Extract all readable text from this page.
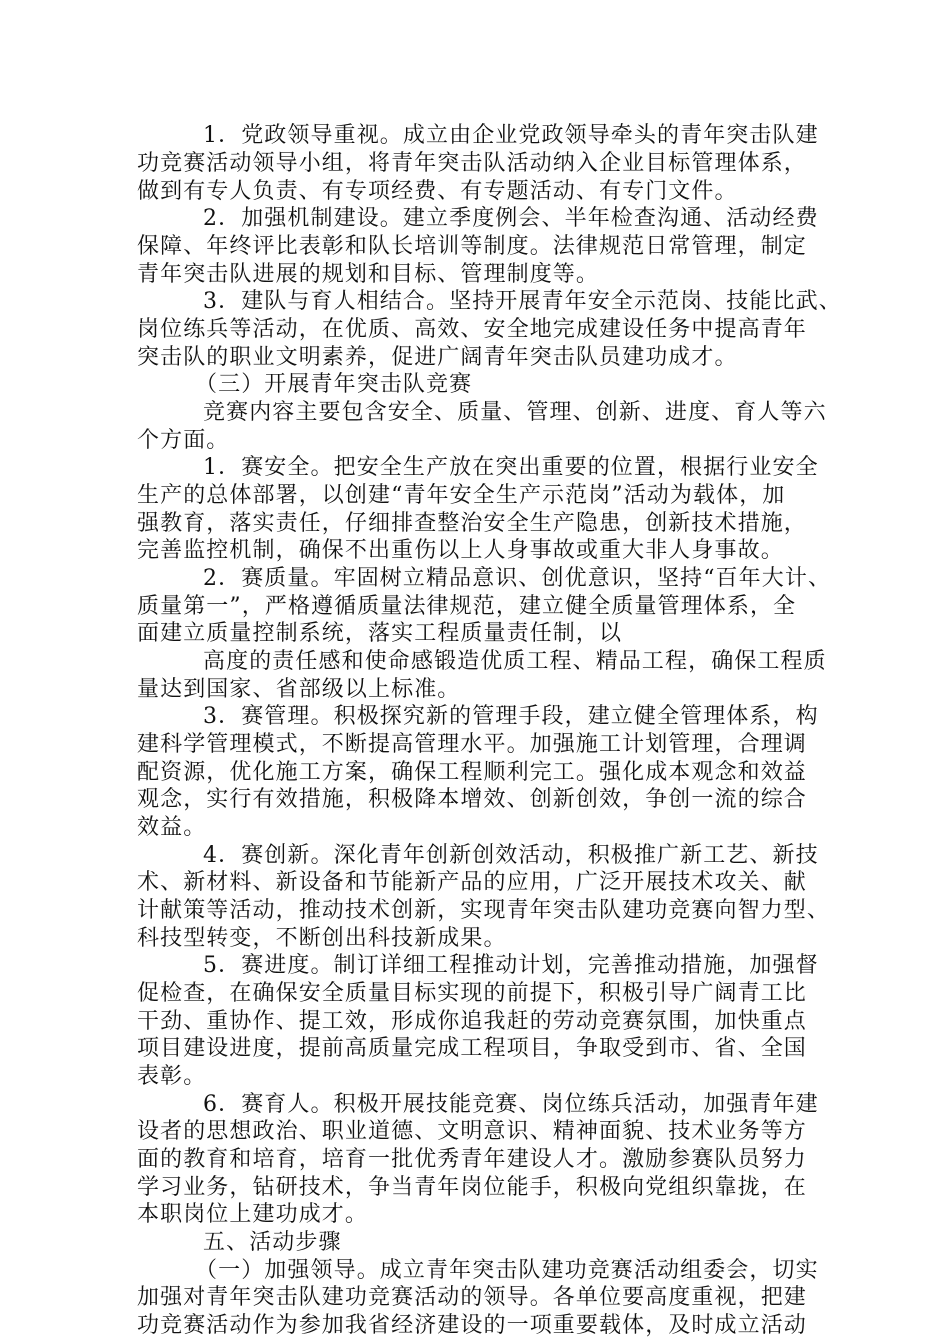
1．党政领导重视。成立由企业党政领导牵头的青年突击队建
功竞赛活动领导小组，将青年突击队活动纳入企业目标管理体系，
做到有专人负责、有专项经费、有专题活动、有专门文件。
2．加强机制建设。建立季度例会、半年检查沟通、活动经费
保障、年终评比表彰和队长培训等制度。法律规范日常管理，制定
青年突击队进展的规划和目标、管理制度等。
3．建队与育人相结合。坚持开展青年安全示范岗、技能比武、
岗位练兵等活动，在优质、高效、安全地完成建设任务中提高青年
突击队的职业文明素养，促进广阔青年突击队员建功成才。
（三）开展青年突击队竞赛
竞赛内容主要包含安全、质量、管理、创新、进度、育人等六
个方面。
1．赛安全。把安全生产放在突出重要的位置，根据行业安全
生产的总体部署，以创建“青年安全生产示范岗”活动为载体，加
强教育，落实责任，仔细排查整治安全生产隐患，创新技术措施，
完善监控机制，确保不出重伤以上人身事故或重大非人身事故。
2．赛质量。牢固树立精品意识、创优意识，坚持“百年大计、
质量第一”，严格遵循质量法律规范，建立健全质量管理体系，全
面建立质量控制系统，落实工程质量责任制，以
高度的责任感和使命感锻造优质工程、精品工程，确保工程质
量达到国家、省部级以上标准。
3．赛管理。积极探究新的管理手段，建立健全管理体系，构
建科学管理模式，不断提高管理水平。加强施工计划管理，合理调
配资源，优化施工方案，确保工程顺利完工。强化成本观念和效益
观念，实行有效措施，积极降本增效、创新创效，争创一流的综合
效益。
4．赛创新。深化青年创新创效活动，积极推广新工艺、新技
术、新材料、新设备和节能新产品的应用，广泛开展技术攻关、献
计献策等活动，推动技术创新，实现青年突击队建功竞赛向智力型、
科技型转变，不断创出科技新成果。
5．赛进度。制订详细工程推动计划，完善推动措施，加强督
促检查，在确保安全质量目标实现的前提下，积极引导广阔青工比
干劲、重协作、提工效，形成你追我赶的劳动竞赛氛围，加快重点
项目建设进度，提前高质量完成工程项目，争取受到市、省、全国
表彰。
6．赛育人。积极开展技能竞赛、岗位练兵活动，加强青年建
设者的思想政治、职业道德、文明意识、精神面貌、技术业务等方
面的教育和培育，培育一批优秀青年建设人才。激励参赛队员努力
学习业务，钻研技术，争当青年岗位能手，积极向党组织靠拢，在
本职岗位上建功成才。
五、活动步骤
（一）加强领导。成立青年突击队建功竞赛活动组委会，切实
加强对青年突击队建功竞赛活动的领导。各单位要高度重视，把建
功竞赛活动作为参加我省经济建设的一项重要载体，及时成立活动
